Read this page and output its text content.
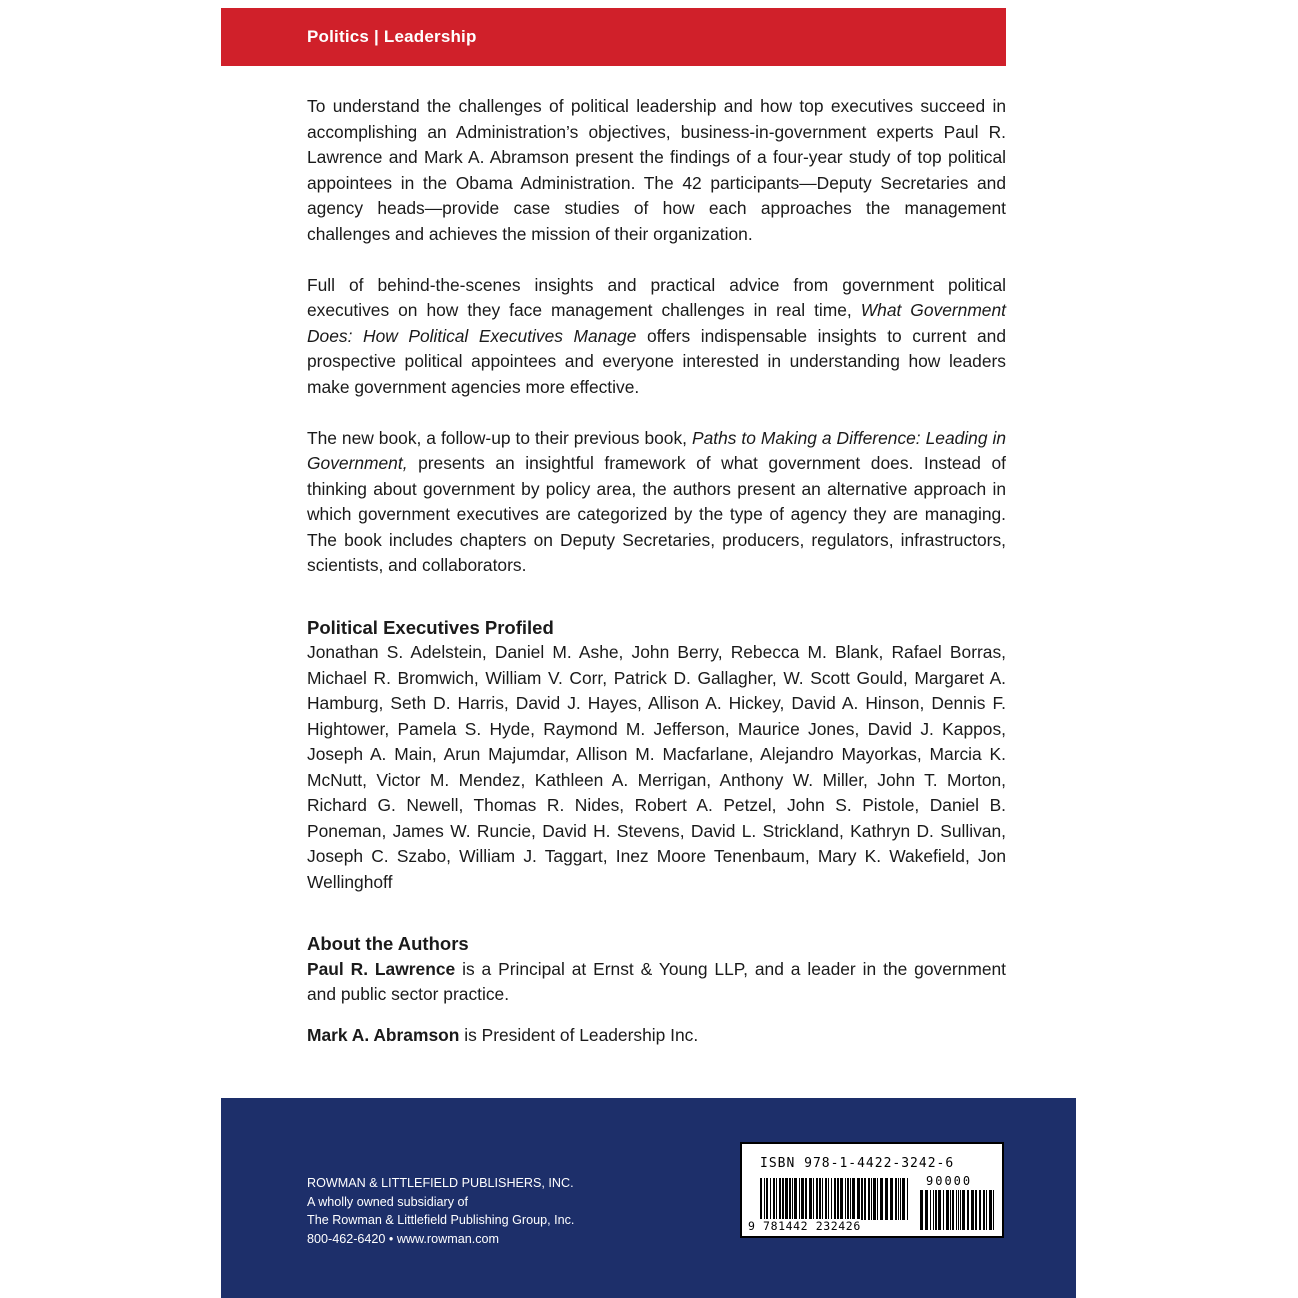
Politics | Leadership

To understand the challenges of political leadership and how top executives succeed in accomplishing an Administration’s objectives, business-in-government experts Paul R. Lawrence and Mark A. Abramson present the findings of a four-year study of top political appointees in the Obama Administration. The 42 participants—Deputy Secretaries and agency heads—provide case studies of how each approaches the management challenges and achieves the mission of their organization.

Full of behind-the-scenes insights and practical advice from government political executives on how they face management challenges in real time, What Government Does: How Political Executives Manage offers indispensable insights to current and prospective political appointees and everyone interested in understanding how leaders make government agencies more effective.

The new book, a follow-up to their previous book, Paths to Making a Difference: Leading in Government, presents an insightful framework of what government does. Instead of thinking about government by policy area, the authors present an alternative approach in which government executives are categorized by the type of agency they are managing. The book includes chapters on Deputy Secretaries, producers, regulators, infrastructors, scientists, and collaborators.

Political Executives Profiled

Jonathan S. Adelstein, Daniel M. Ashe, John Berry, Rebecca M. Blank, Rafael Borras, Michael R. Bromwich, William V. Corr, Patrick D. Gallagher, W. Scott Gould, Margaret A. Hamburg, Seth D. Harris, David J. Hayes, Allison A. Hickey, David A. Hinson, Dennis F. Hightower, Pamela S. Hyde, Raymond M. Jefferson, Maurice Jones, David J. Kappos, Joseph A. Main, Arun Majumdar, Allison M. Macfarlane, Alejandro Mayorkas, Marcia K. McNutt, Victor M. Mendez, Kathleen A. Merrigan, Anthony W. Miller, John T. Morton, Richard G. Newell, Thomas R. Nides, Robert A. Petzel, John S. Pistole, Daniel B. Poneman, James W. Runcie, David H. Stevens, David L. Strickland, Kathryn D. Sullivan, Joseph C. Szabo, William J. Taggart, Inez Moore Tenenbaum, Mary K. Wakefield, Jon Wellinghoff

About the Authors

Paul R. Lawrence is a Principal at Ernst & Young LLP, and a leader in the government and public sector practice.

Mark A. Abramson is President of Leadership Inc.

ROWMAN & LITTLEFIELD PUBLISHERS, INC.
A wholly owned subsidiary of
The Rowman & Littlefield Publishing Group, Inc.
800-462-6420 • www.rowman.com
ISBN 978-1-4422-3242-6
90000
9 781442 232426
